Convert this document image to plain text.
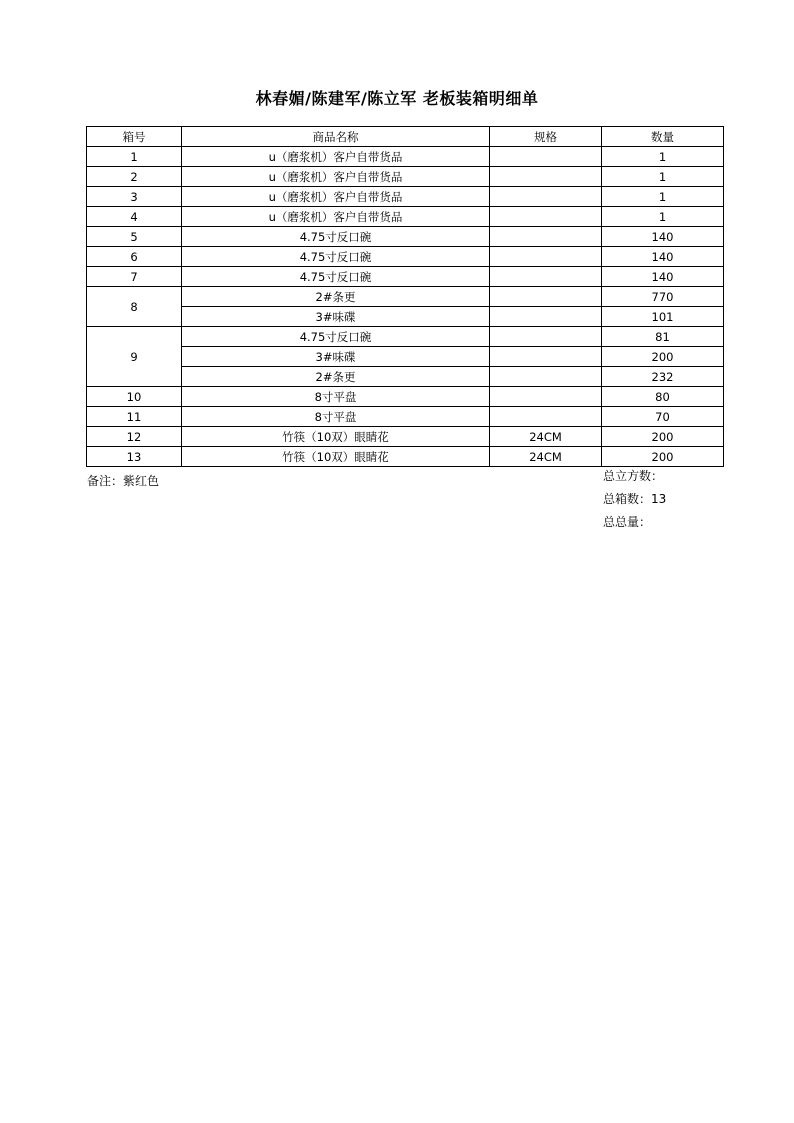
林春媚/陈建军/陈立军 老板装箱明细单
箱号	商品名称	规格	数量
1	u（磨浆机）客户自带货品		1
2	u（磨浆机）客户自带货品		1
3	u（磨浆机）客户自带货品		1
4	u（磨浆机）客户自带货品		1
5	4.75寸反口碗		140
6	4.75寸反口碗		140
7	4.75寸反口碗		140
8	2#条更		770
	3#味碟		101
9	4.75寸反口碗		81
	3#味碟		200
	2#条更		232
10	8寸平盘		80
11	8寸平盘		70
12	竹筷（10双）眼睛花	24CM	200
13	竹筷（10双）眼睛花	24CM	200
备注：紫红色	总立方数：
总箱数：13
总总量：
